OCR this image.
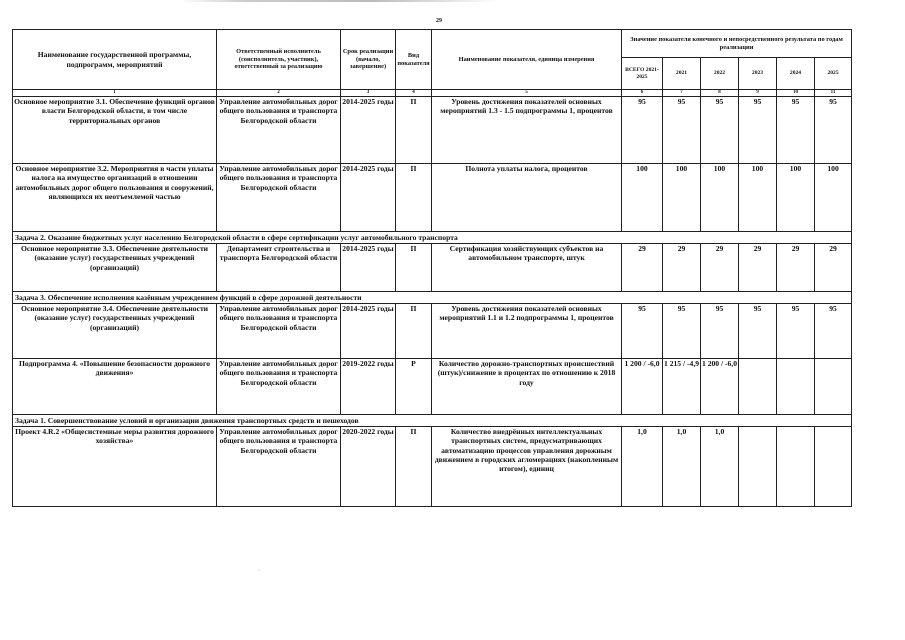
29
Наименование государственной программы, подпрограмм, мероприятий	Ответственный исполнитель (соисполнитель, участник), ответственный за реализацию	Срок реализации (начало, завершение)	Вид показателя	Наименование показателя, единица измерения	Значение показателя конечного и непосредственного результата по годам реализации					
					ВСЕГО 2021-2025	2021	2022	2023	2024	2025
1	2	3	4	5	6	7	8	9	10	11
Основное мероприятие 3.1. Обеспечение функций органов власти Белгородской области, в том числе территориальных органов	Управление автомобильных дорог общего пользования и транспорта Белгородской области	2014-2025 годы	П	Уровень достижения показателей основных мероприятий 1.3 - 1.5 подпрограммы 1, процентов	95	95	95	95	95	95
Основное мероприятие 3.2. Мероприятия в части уплаты налога на имущество организаций в отношении автомобильных дорог общего пользования и сооружений, являющихся их неотъемлемой частью	Управление автомобильных дорог общего пользования и транспорта Белгородской области	2014-2025 годы	П	Полнота уплаты налога, процентов	100	100	100	100	100	100
Задача 2. Оказание бюджетных услуг населению Белгородской области в сфере сертификации услуг автомобильного транспорта										
Основное мероприятие 3.3. Обеспечение деятельности (оказание услуг) государственных учреждений (организаций)	Департамент строительства и транспорта Белгородской области	2014-2025 годы	П	Сертификация хозяйствующих субъектов на автомобильном транспорте, штук	29	29	29	29	29	29
Задача 3. Обеспечение исполнения казённым учреждением функций в сфере дорожной деятельности										
Основное мероприятие 3.4. Обеспечение деятельности (оказание услуг) государственных учреждений (организаций)	Управление автомобильных дорог общего пользования и транспорта Белгородской области	2014-2025 годы	П	Уровень достижения показателей основных мероприятий 1.1 и 1.2 подпрограммы 1, процентов	95	95	95	95	95	95
Подпрограмма 4. «Повышение безопасности дорожного движения»	Управление автомобильных дорог общего пользования и транспорта Белгородской области	2019-2022 годы	Р	Количество дорожно-транспортных происшествий (штук)/снижение в процентах по отношению к 2018 году	1 200 / -6,0	1 215 / -4,9	1 200 / -6,0			
Задача 1. Совершенствование условий и организации движения транспортных средств и пешеходов										
Проект 4.R.2 «Общесистемные меры развития дорожного хозяйства»	Управление автомобильных дорог общего пользования и транспорта Белгородской области	2020-2022 годы	П	Количество внедрённых интеллектуальных транспортных систем, предусматривающих автоматизацию процессов управления дорожным движением в городских агломерациях (накопленным итогом), единиц	1,0	1,0	1,0			
·
